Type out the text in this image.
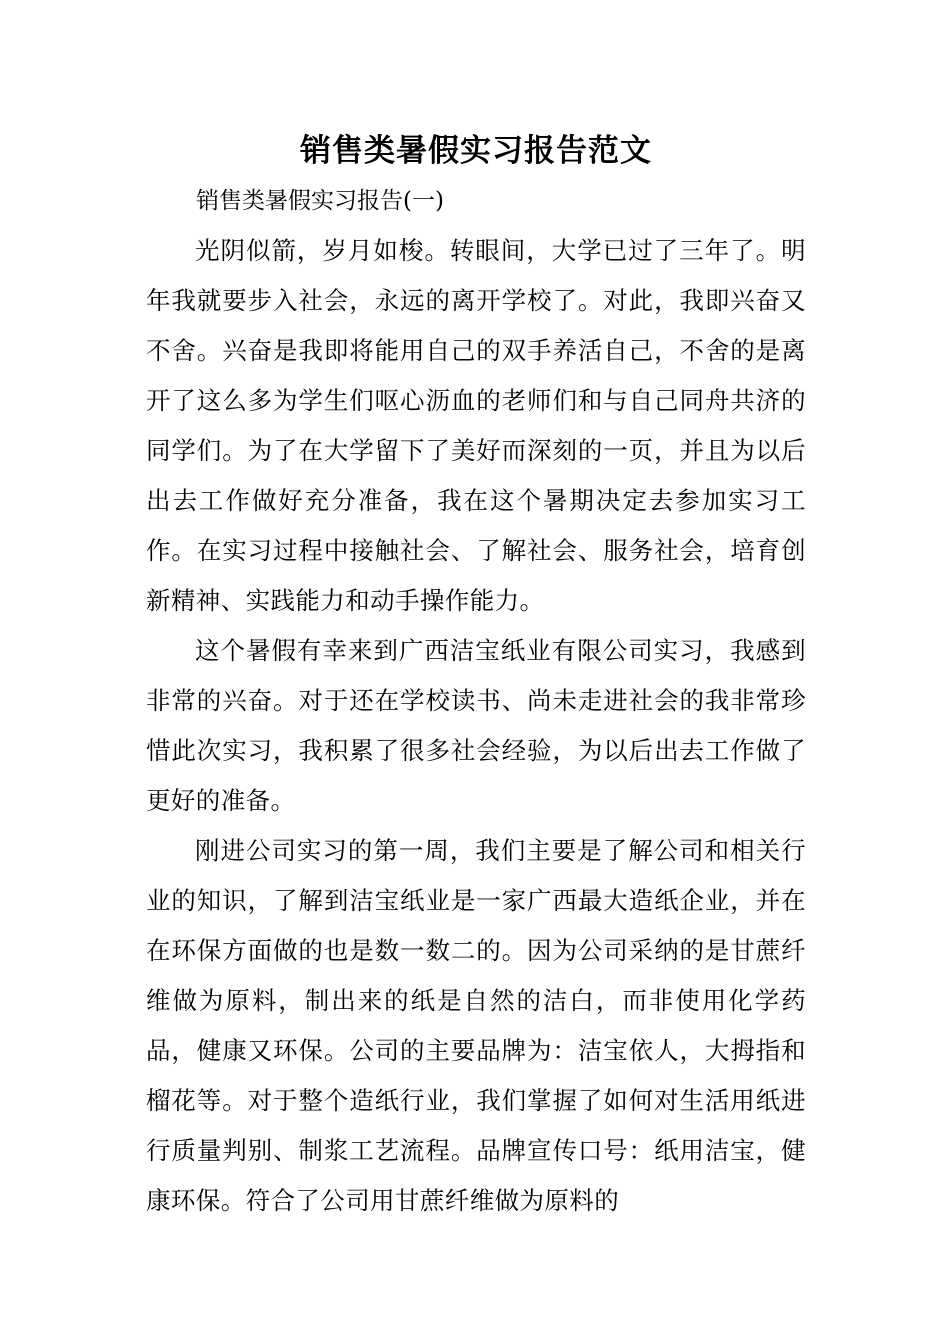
销售类暑假实习报告范文
销售类暑假实习报告(一)

光阴似箭，岁月如梭。转眼间，大学已过了三年了。明年我就要步入社会，永远的离开学校了。对此，我即兴奋又不舍。兴奋是我即将能用自己的双手养活自己，不舍的是离开了这么多为学生们呕心沥血的老师们和与自己同舟共济的同学们。为了在大学留下了美好而深刻的一页，并且为以后出去工作做好充分准备，我在这个暑期决定去参加实习工作。在实习过程中接触社会、了解社会、服务社会，培育创新精神、实践能力和动手操作能力。

这个暑假有幸来到广西洁宝纸业有限公司实习，我感到非常的兴奋。对于还在学校读书、尚未走进社会的我非常珍惜此次实习，我积累了很多社会经验，为以后出去工作做了更好的准备。

刚进公司实习的第一周，我们主要是了解公司和相关行业的知识，了解到洁宝纸业是一家广西最大造纸企业，并在在环保方面做的也是数一数二的。因为公司采纳的是甘蔗纤维做为原料，制出来的纸是自然的洁白，而非使用化学药品，健康又环保。公司的主要品牌为：洁宝依人，大拇指和榴花等。对于整个造纸行业，我们掌握了如何对生活用纸进行质量判别、制浆工艺流程。品牌宣传口号：纸用洁宝，健康环保。符合了公司用甘蔗纤维做为原料的
